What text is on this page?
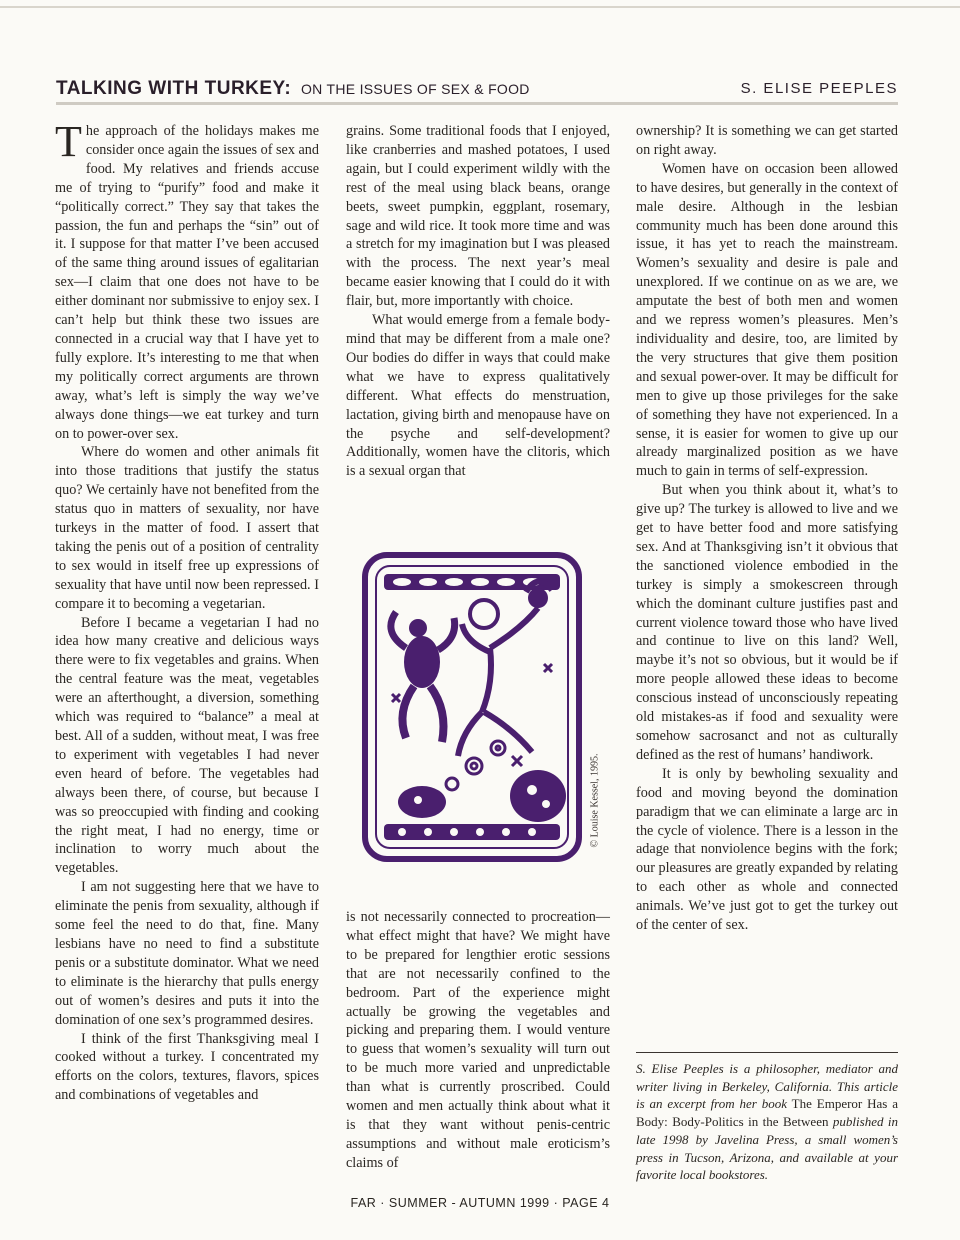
TALKING WITH TURKEY: ON THE ISSUES OF SEX & FOOD	S. ELISE PEEPLES

The approach of the holidays makes me consider once again the issues of sex and food. My relatives and friends accuse me of trying to “purify” food and make it “politically correct.” They say that takes the passion, the fun and perhaps the “sin” out of it. I suppose for that matter I’ve been accused of the same thing around issues of egalitarian sex—I claim that one does not have to be either dominant nor submissive to enjoy sex. I can’t help but think these two issues are connected in a crucial way that I have yet to fully explore. It’s interesting to me that when my politically correct arguments are thrown away, what’s left is simply the way we’ve always done things—we eat turkey and turn on to power-over sex.

Where do women and other animals fit into those traditions that justify the status quo? We certainly have not benefited from the status quo in matters of sexuality, nor have turkeys in the matter of food. I assert that taking the penis out of a position of centrality to sex would in itself free up expressions of sexuality that have until now been repressed. I compare it to becoming a vegetarian.

Before I became a vegetarian I had no idea how many creative and delicious ways there were to fix vegetables and grains. When the central feature was the meat, vegetables were an afterthought, a diversion, something which was required to “balance” a meal at best. All of a sudden, without meat, I was free to experiment with vegetables I had never even heard of before. The vegetables had always been there, of course, but because I was so preoccupied with finding and cooking the right meat, I had no energy, time or inclination to worry much about the vegetables.

I am not suggesting here that we have to eliminate the penis from sexuality, although if some feel the need to do that, fine. Many lesbians have no need to find a substitute penis or a substitute dominator. What we need to eliminate is the hierarchy that pulls energy out of women’s desires and puts it into the domination of one sex’s programmed desires.

I think of the first Thanksgiving meal I cooked without a turkey. I concentrated my efforts on the colors, textures, flavors, spices and combinations of vegetables and

grains. Some traditional foods that I enjoyed, like cranberries and mashed potatoes, I used again, but I could experiment wildly with the rest of the meal using black beans, orange beets, sweet pumpkin, eggplant, rosemary, sage and wild rice. It took more time and was a stretch for my imagination but I was pleased with the process. The next year’s meal became easier knowing that I could do it with flair, but, more importantly with choice.

What would emerge from a female body-mind that may be different from a male one? Our bodies do differ in ways that could make what we have to express qualitatively different. What effects do menstruation, lactation, giving birth and menopause have on the psyche and self-development? Additionally, women have the clitoris, which is a sexual organ that

© Louise Kessel, 1995.

is not necessarily connected to procreation—what effect might that have? We might have to be prepared for lengthier erotic sessions that are not necessarily confined to the bedroom. Part of the experience might actually be growing the vegetables and picking and preparing them. I would venture to guess that women’s sexuality will turn out to be much more varied and unpredictable than what is currently proscribed. Could women and men actually think about what it is that they want without penis-centric assumptions and without male eroticism’s claims of

ownership? It is something we can get started on right away.

Women have on occasion been allowed to have desires, but generally in the context of male desire. Although in the lesbian community much has been done around this issue, it has yet to reach the mainstream. Women’s sexuality and desire is pale and unexplored. If we continue on as we are, we amputate the best of both men and women and we repress women’s pleasures. Men’s individuality and desire, too, are limited by the very structures that give them position and sexual power-over. It may be difficult for men to give up those privileges for the sake of something they have not experienced. In a sense, it is easier for women to give up our already marginalized position as we have much to gain in terms of self-expression.

But when you think about it, what’s to give up? The turkey is allowed to live and we get to have better food and more satisfying sex. And at Thanksgiving isn’t it obvious that the sanctioned violence embodied in the turkey is simply a smokescreen through which the dominant culture justifies past and current violence toward those who have lived and continue to live on this land? Well, maybe it’s not so obvious, but it would be if more people allowed these ideas to become conscious instead of unconsciously repeating old mistakes-as if food and sexuality were somehow sacrosanct and not as culturally defined as the rest of humans’ handiwork.

It is only by bewholing sexuality and food and moving beyond the domination paradigm that we can eliminate a large arc in the cycle of violence. There is a lesson in the adage that nonviolence begins with the fork; our pleasures are greatly expanded by relating to each other as whole and connected animals. We’ve just got to get the turkey out of the center of sex.

S. Elise Peeples is a philosopher, mediator and writer living in Berkeley, California. This article is an excerpt from her book The Emperor Has a Body: Body-Politics in the Between published in late 1998 by Javelina Press, a small women’s press in Tucson, Arizona, and available at your favorite local bookstores.
FAR · SUMMER - AUTUMN 1999 · PAGE 4
